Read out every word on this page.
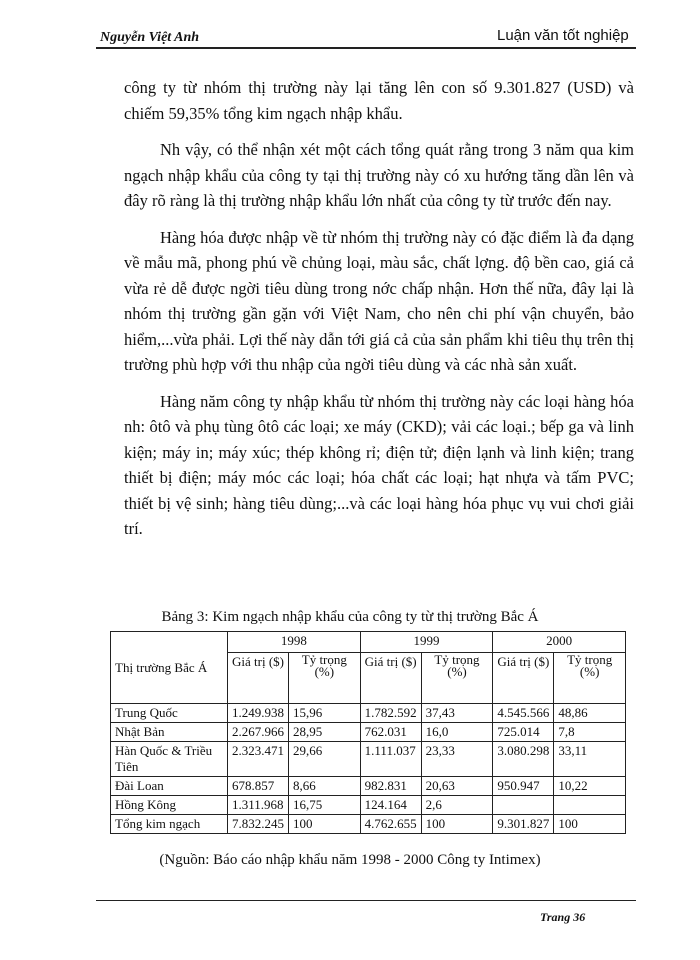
Nguyễn Việt Anh	Luận văn tốt nghiệp

công ty từ nhóm thị trường này lại tăng lên con số 9.301.827 (USD) và chiếm 59,35% tổng kim ngạch nhập khẩu.

Nh vậy, có thể nhận xét một cách tổng quát rằng trong 3 năm qua kim ngạch nhập khẩu của công ty tại thị trường này có xu hướng tăng dần lên và đây rõ ràng là thị trường nhập khẩu lớn nhất của công ty từ trước đến nay.

Hàng hóa được nhập về từ nhóm thị trường này có đặc điểm là đa dạng về mẫu mã, phong phú về chủng loại, màu sắc, chất lợng. độ bền cao, giá cả vừa rẻ dễ được ngời tiêu dùng trong nớc chấp nhận. Hơn thế nữa, đây lại là nhóm thị trường gần gặn với Việt Nam, cho nên chi phí vận chuyển, bảo hiểm,...vừa phải. Lợi thế này dẫn tới giá cả của sản phẩm khi tiêu thụ trên thị trường phù hợp với thu nhập của ngời tiêu dùng và các nhà sản xuất.

Hàng năm công ty nhập khẩu từ nhóm thị trường này các loại hàng hóa nh: ôtô và phụ tùng ôtô các loại; xe máy (CKD); vải các loại.; bếp ga và linh kiện; máy in; máy xúc; thép không rỉ; điện tử; điện lạnh và linh kiện; trang thiết bị điện; máy móc các loại; hóa chất các loại; hạt nhựa và tấm PVC; thiết bị vệ sinh; hàng tiêu dùng;...và các loại hàng hóa phục vụ vui chơi giải trí.

Bảng 3: Kim ngạch nhập khẩu của công ty từ thị trường Bắc Á
Thị trường Bắc Á	1998		1999		2000	
	Giá trị ($)	Tỷ trọng (%)	Giá trị ($)	Tỷ trọng (%)	Giá trị ($)	Tỷ trọng (%)
Trung Quốc	1.249.938	15,96	1.782.592	37,43	4.545.566	48,86
Nhật Bản	2.267.966	28,95	762.031	16,0	725.014	7,8
Hàn Quốc & Triều Tiên	2.323.471	29,66	1.111.037	23,33	3.080.298	33,11
Đài Loan	678.857	8,66	982.831	20,63	950.947	10,22
Hồng Kông	1.311.968	16,75	124.164	2,6		
Tổng kim ngạch	7.832.245	100	4.762.655	100	9.301.827	100
(Nguồn: Báo cáo nhập khẩu năm 1998 - 2000 Công ty Intimex)
Trang 36
